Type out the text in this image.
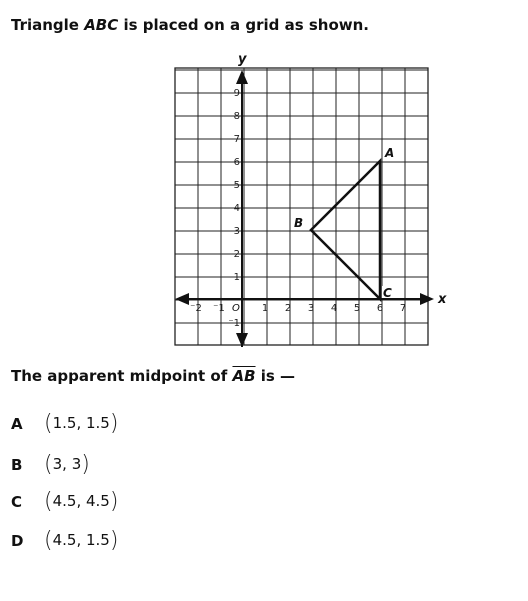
Triangle ABC is placed on a grid as shown.
x
y
O
⁻2 ⁻1	1 2 3 4 5 6 7
⁻1
1
2
3
4
5
6
7
8
9
A
B
C
The apparent midpoint of $\overline{AB}$ is —
A (1.5, 1.5)
B (3, 3)
C (4.5, 4.5)
D (4.5, 1.5)
